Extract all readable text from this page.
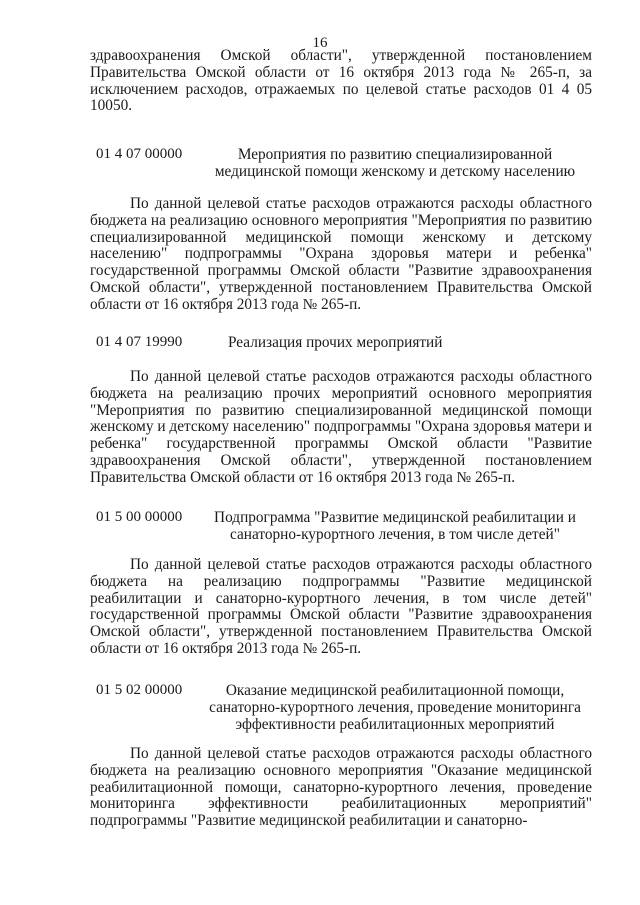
16
здравоохранения Омской области", утвержденной постановлением Правительства Омской области от 16 октября 2013 года № 265-п, за исключением расходов, отражаемых по целевой статье расходов 01 4 05 10050.
01 4 07 00000	Мероприятия по развитию специализированной медицинской помощи женскому и детскому населению
По данной целевой статье расходов отражаются расходы областного бюджета на реализацию основного мероприятия "Мероприятия по развитию специализированной медицинской помощи женскому и детскому населению" подпрограммы "Охрана здоровья матери и ребенка" государственной программы Омской области "Развитие здравоохранения Омской области", утвержденной постановлением Правительства Омской области от 16 октября 2013 года № 265-п.
01 4 07 19990	Реализация прочих мероприятий
По данной целевой статье расходов отражаются расходы областного бюджета на реализацию прочих мероприятий основного мероприятия "Мероприятия по развитию специализированной медицинской помощи женскому и детскому населению" подпрограммы "Охрана здоровья матери и ребенка" государственной программы Омской области "Развитие здравоохранения Омской области", утвержденной постановлением Правительства Омской области от 16 октября 2013 года № 265-п.
01 5 00 00000	Подпрограмма "Развитие медицинской реабилитации и санаторно-курортного лечения, в том числе детей"
По данной целевой статье расходов отражаются расходы областного бюджета на реализацию подпрограммы "Развитие медицинской реабилитации и санаторно-курортного лечения, в том числе детей" государственной программы Омской области "Развитие здравоохранения Омской области", утвержденной постановлением Правительства Омской области от 16 октября 2013 года № 265-п.
01 5 02 00000	Оказание медицинской реабилитационной помощи, санаторно-курортного лечения, проведение мониторинга эффективности реабилитационных мероприятий
По данной целевой статье расходов отражаются расходы областного бюджета на реализацию основного мероприятия "Оказание медицинской реабилитационной помощи, санаторно-курортного лечения, проведение мониторинга эффективности реабилитационных мероприятий" подпрограммы "Развитие медицинской реабилитации и санаторно-
